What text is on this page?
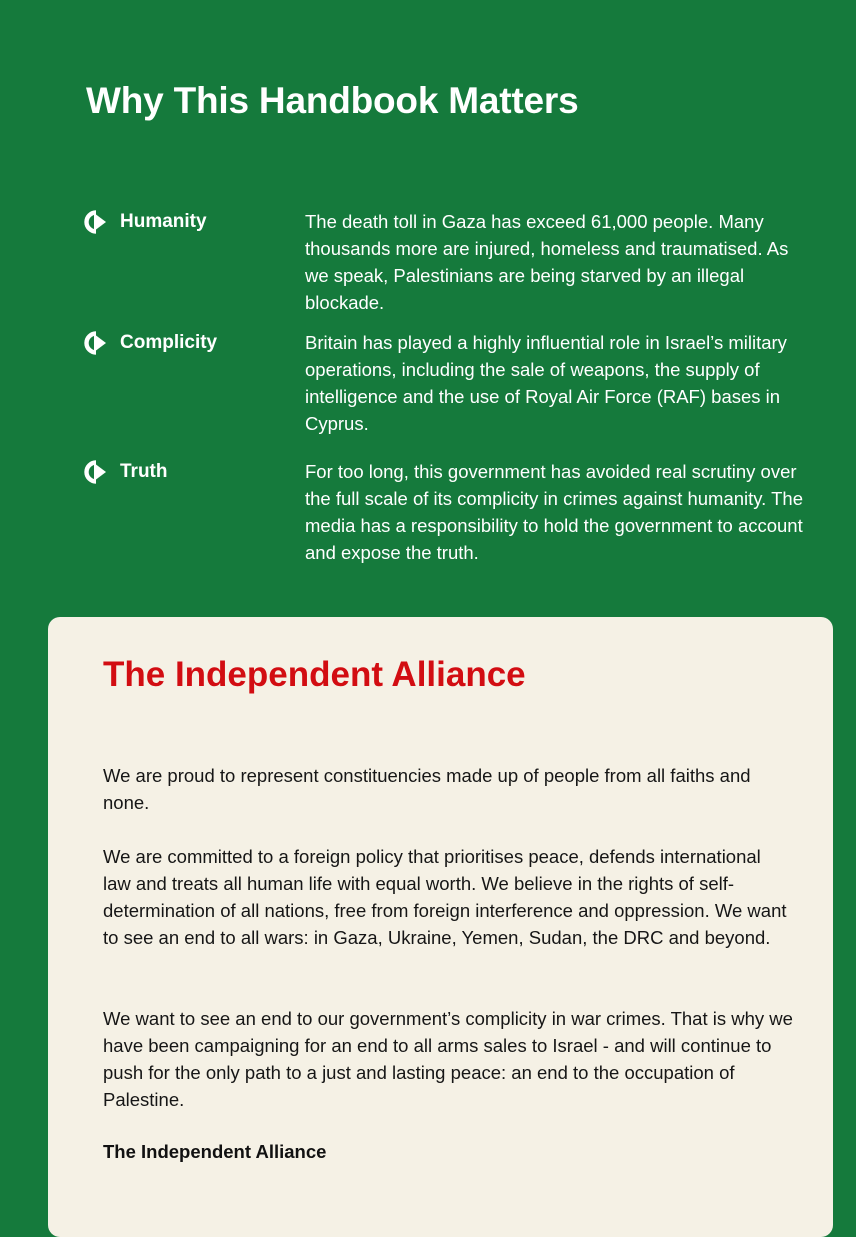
Why This Handbook Matters
Humanity	The death toll in Gaza has exceed 61,000 people. Many thousands more are injured, homeless and traumatised. As we speak, Palestinians are being starved by an illegal blockade.

Complicity	Britain has played a highly influential role in Israel’s military operations, including the sale of weapons, the supply of intelligence and the use of Royal Air Force (RAF) bases in Cyprus.

Truth	For too long, this government has avoided real scrutiny over the full scale of its complicity in crimes against humanity. The media has a responsibility to hold the government to account and expose the truth.

The Independent Alliance

We are proud to represent constituencies made up of people from all faiths and none.

We are committed to a foreign policy that prioritises peace, defends international law and treats all human life with equal worth. We believe in the rights of self-determination of all nations, free from foreign interference and oppression. We want to see an end to all wars: in Gaza, Ukraine, Yemen, Sudan, the DRC and beyond.

We want to see an end to our government’s complicity in war crimes. That is why we have been campaigning for an end to all arms sales to Israel - and will continue to push for the only path to a just and lasting peace: an end to the occupation of Palestine.

The Independent Alliance
